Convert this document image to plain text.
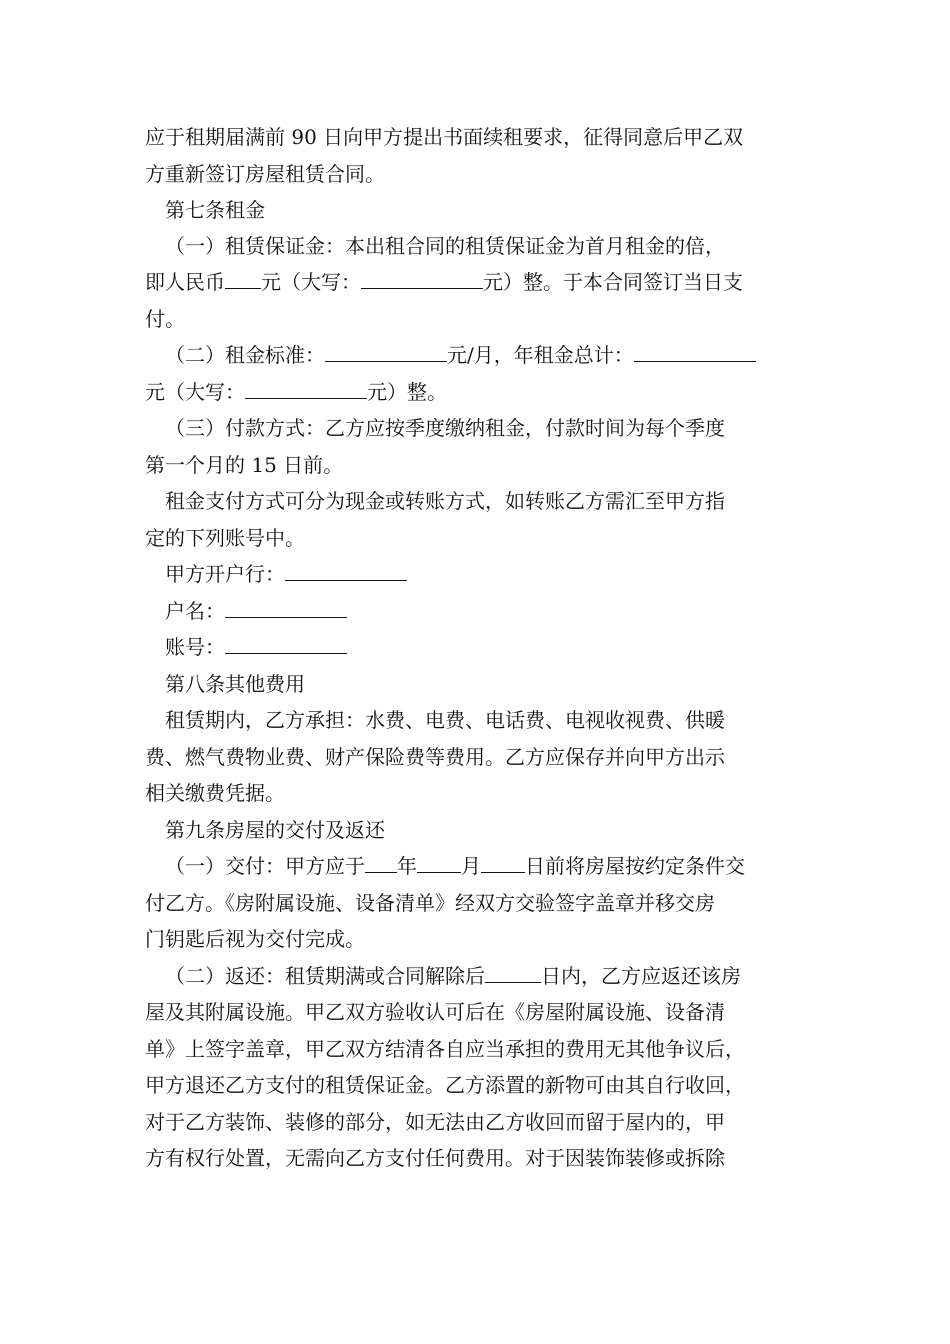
应于租期届满前 90 日向甲方提出书面续租要求，征得同意后甲乙双
方重新签订房屋租赁合同。
第七条租金
（一）租赁保证金：本出租合同的租赁保证金为首月租金的倍，
即人民币 元（大写：	元）整。于本合同签订当日支
付。
（二）租金标准：	元/月，年租金总计：
元（大写：	元）整。
（三）付款方式：乙方应按季度缴纳租金，付款时间为每个季度
第一个月的 15 日前。
租金支付方式可分为现金或转账方式，如转账乙方需汇至甲方指
定的下列账号中。
甲方开户行：
户名：
账号：
第八条其他费用
租赁期内，乙方承担：水费、电费、电话费、电视收视费、供暖
费、燃气费物业费、财产保险费等费用。乙方应保存并向甲方出示
相关缴费凭据。
第九条房屋的交付及返还
（一）交付：甲方应于 年 月 日前将房屋按约定条件交
付乙方。《房附属设施、设备清单》经双方交验签字盖章并移交房
门钥匙后视为交付完成。
（二）返还：租赁期满或合同解除后	日内，乙方应返还该房
屋及其附属设施。甲乙双方验收认可后在《房屋附属设施、设备清
单》上签字盖章，甲乙双方结清各自应当承担的费用无其他争议后，
甲方退还乙方支付的租赁保证金。乙方添置的新物可由其自行收回，
对于乙方装饰、装修的部分，如无法由乙方收回而留于屋内的，甲
方有权行处置，无需向乙方支付任何费用。对于因装饰装修或拆除
